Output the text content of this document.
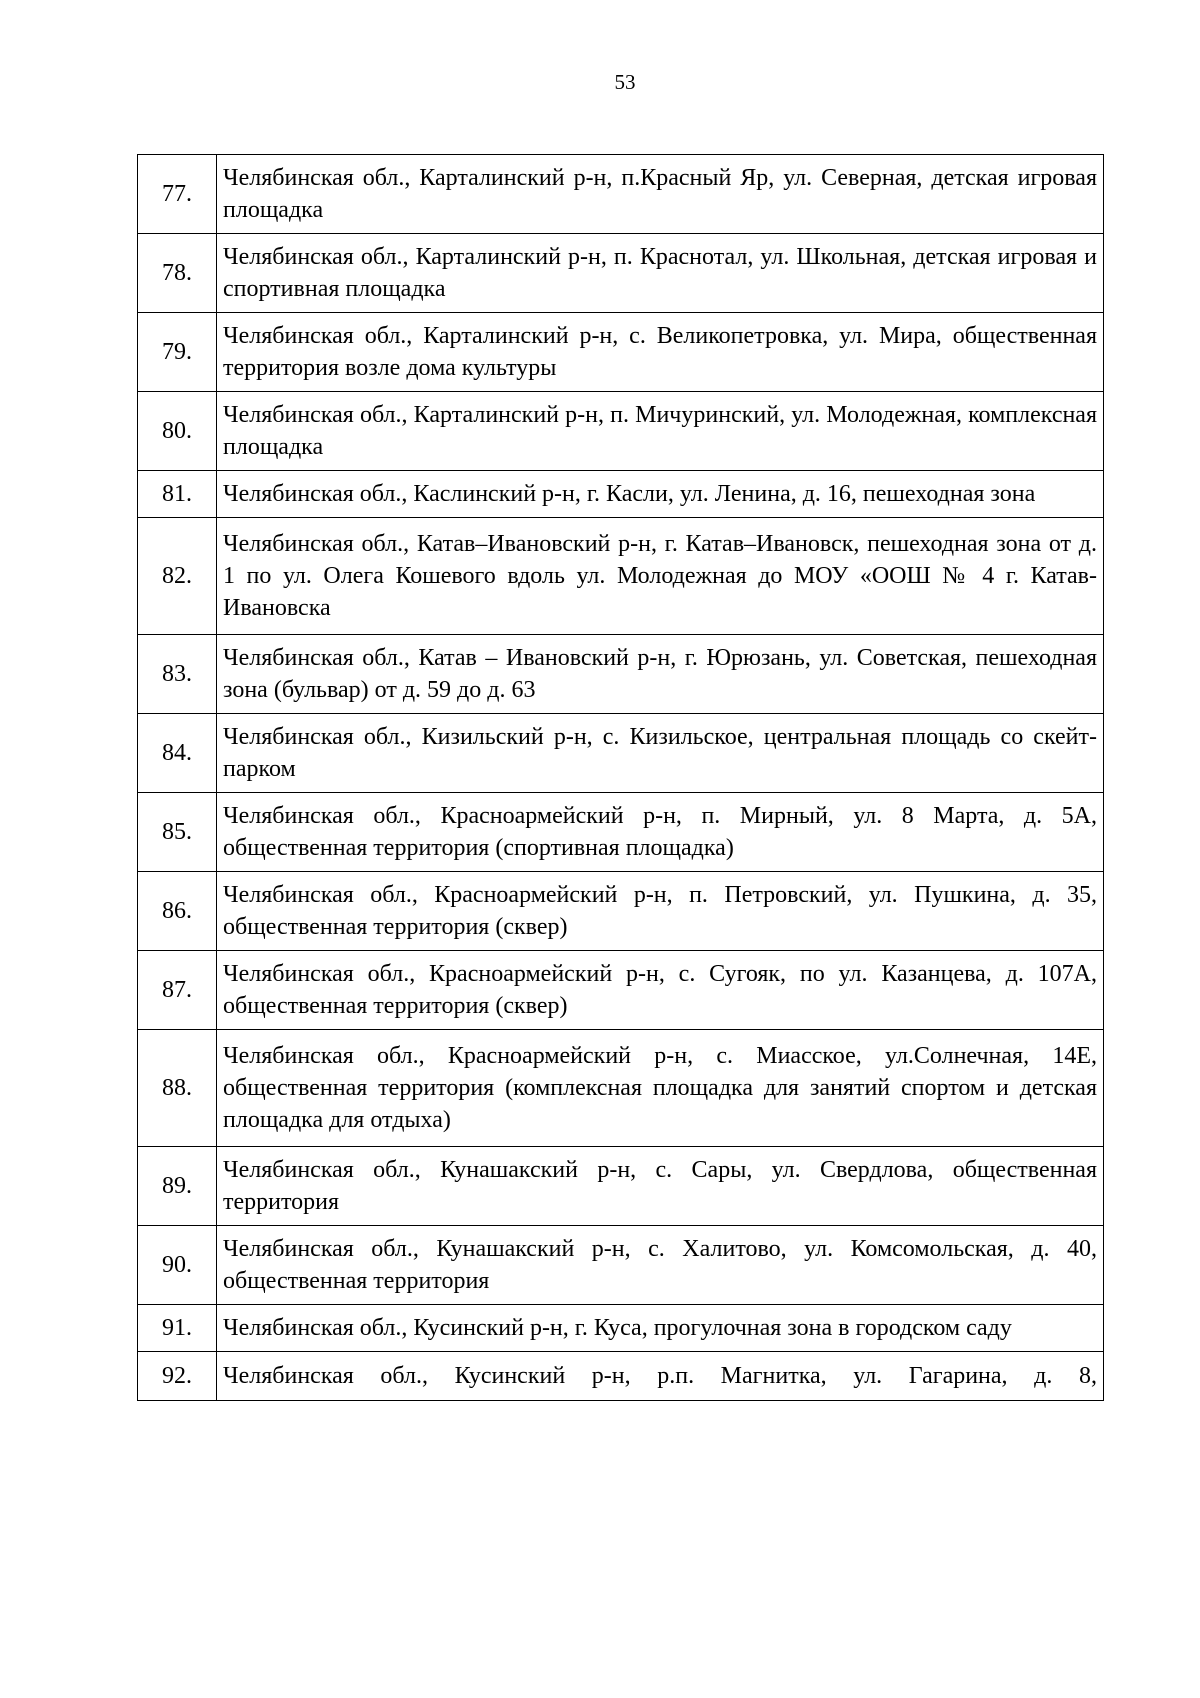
53
77.	Челябинская обл., Карталинский р-н, п.Красный Яр, ул. Северная, детская игровая площадка
78.	Челябинская обл., Карталинский р-н, п. Краснотал, ул. Школьная, детская игровая и спортивная площадка
79.	Челябинская обл., Карталинский р-н, с. Великопетровка, ул. Мира, общественная территория возле дома культуры
80.	Челябинская обл., Карталинский р-н, п. Мичуринский, ул. Молодежная, комплексная площадка
81.	Челябинская обл., Каслинский р-н, г. Касли, ул. Ленина, д. 16, пешеходная зона
82.	Челябинская обл., Катав–Ивановский р-н, г. Катав–Ивановск, пешеходная зона от д. 1 по ул. Олега Кошевого вдоль ул. Молодежная до МОУ «ООШ № 4 г. Катав-Ивановска
83.	Челябинская обл., Катав – Ивановский р-н, г. Юрюзань, ул. Советская, пешеходная зона (бульвар) от д. 59 до д. 63
84.	Челябинская обл., Кизильский р-н, с. Кизильское, центральная площадь со скейт-парком
85.	Челябинская обл., Красноармейский р-н, п. Мирный, ул. 8 Марта, д. 5А, общественная территория (спортивная площадка)
86.	Челябинская обл., Красноармейский р-н, п. Петровский, ул. Пушкина, д. 35, общественная территория (сквер)
87.	Челябинская обл., Красноармейский р-н, с. Сугояк, по ул. Казанцева, д. 107А, общественная территория (сквер)
88.	Челябинская обл., Красноармейский р-н, с. Миасское, ул.Солнечная, 14Е, общественная территория (комплексная площадка для занятий спортом и детская площадка для отдыха)
89.	Челябинская обл., Кунашакский р-н, с. Сары, ул. Свердлова, общественная территория
90.	Челябинская обл., Кунашакский р-н, с. Халитово, ул. Комсомольская, д. 40, общественная территория
91.	Челябинская обл., Кусинский р-н, г. Куса, прогулочная зона в городском саду
92.	Челябинская обл., Кусинский р-н, р.п. Магнитка, ул. Гагарина, д. 8,
